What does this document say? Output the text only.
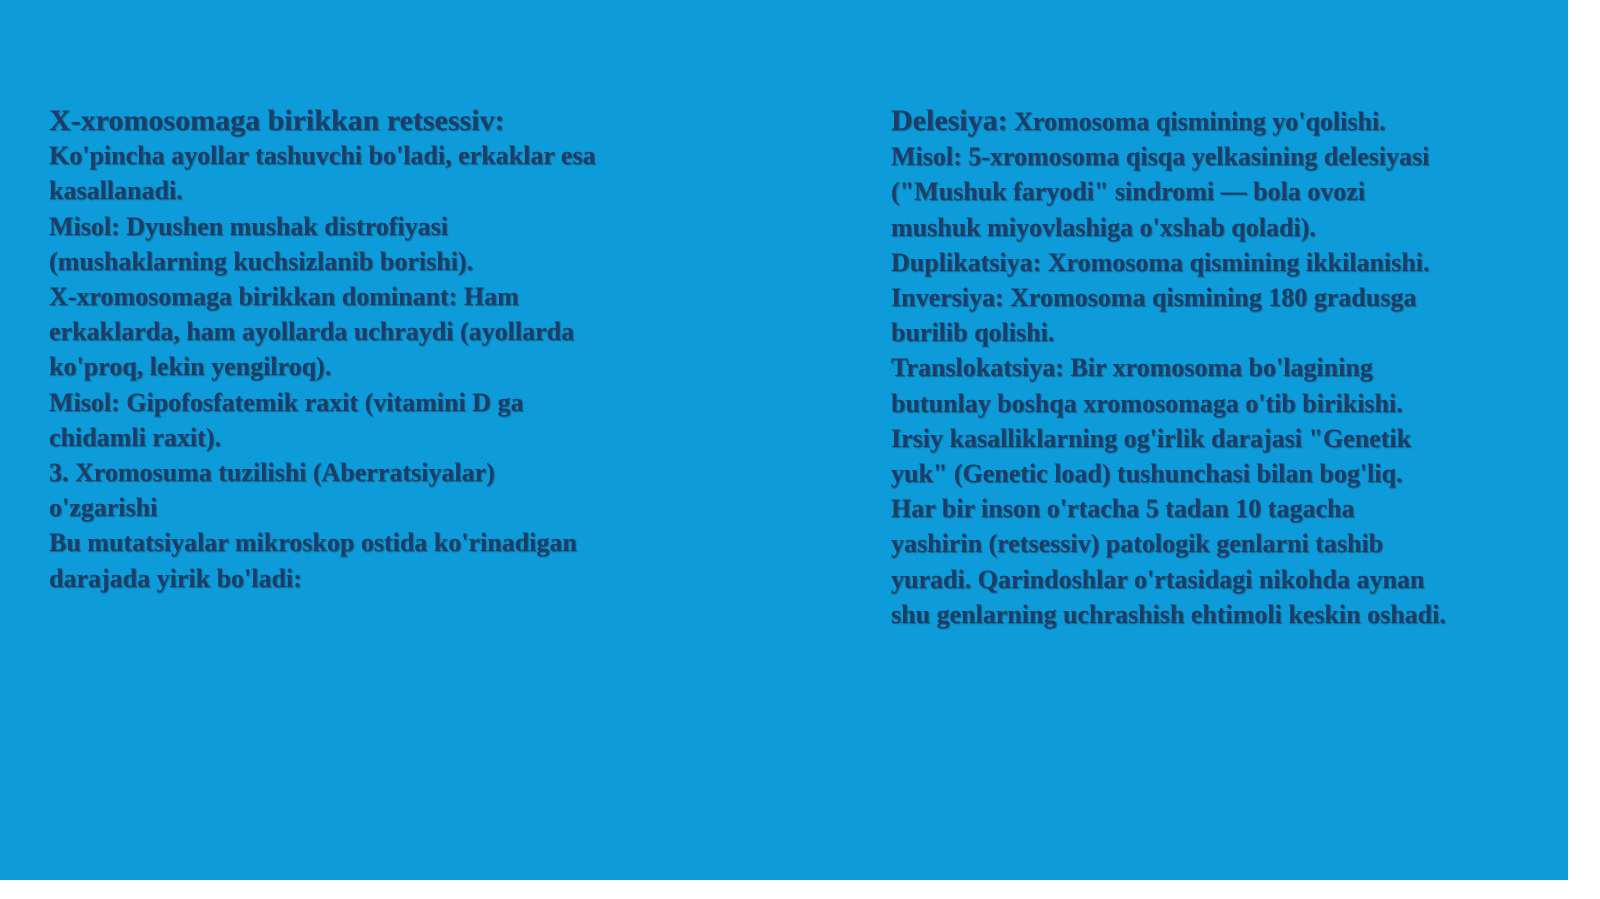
X-xromosomaga birikkan retsessiv:
Ko'pincha ayollar tashuvchi bo'ladi, erkaklar esa
kasallanadi.
Misol: Dyushen mushak distrofiyasi
(mushaklarning kuchsizlanib borishi).
X-xromosomaga birikkan dominant: Ham
erkaklarda, ham ayollarda uchraydi (ayollarda
ko'proq, lekin yengilroq).
Misol: Gipofosfatemik raxit (vitamini D ga
chidamli raxit).
3. Xromosuma tuzilishi (Aberratsiyalar)
o'zgarishi
Bu mutatsiyalar mikroskop ostida ko'rinadigan
darajada yirik bo'ladi:
Delesiya: Xromosoma qismining yo'qolishi.
Misol: 5-xromosoma qisqa yelkasining delesiyasi
("Mushuk faryodi" sindromi — bola ovozi
mushuk miyovlashiga o'xshab qoladi).
Duplikatsiya: Xromosoma qismining ikkilanishi.
Inversiya: Xromosoma qismining 180 gradusga
burilib qolishi.
Translokatsiya: Bir xromosoma bo'lagining
butunlay boshqa xromosomaga o'tib birikishi.
Irsiy kasalliklarning og'irlik darajasi "Genetik
yuk" (Genetic load) tushunchasi bilan bog'liq.
Har bir inson o'rtacha 5 tadan 10 tagacha
yashirin (retsessiv) patologik genlarni tashib
yuradi. Qarindoshlar o'rtasidagi nikohda aynan
shu genlarning uchrashish ehtimoli keskin oshadi.
